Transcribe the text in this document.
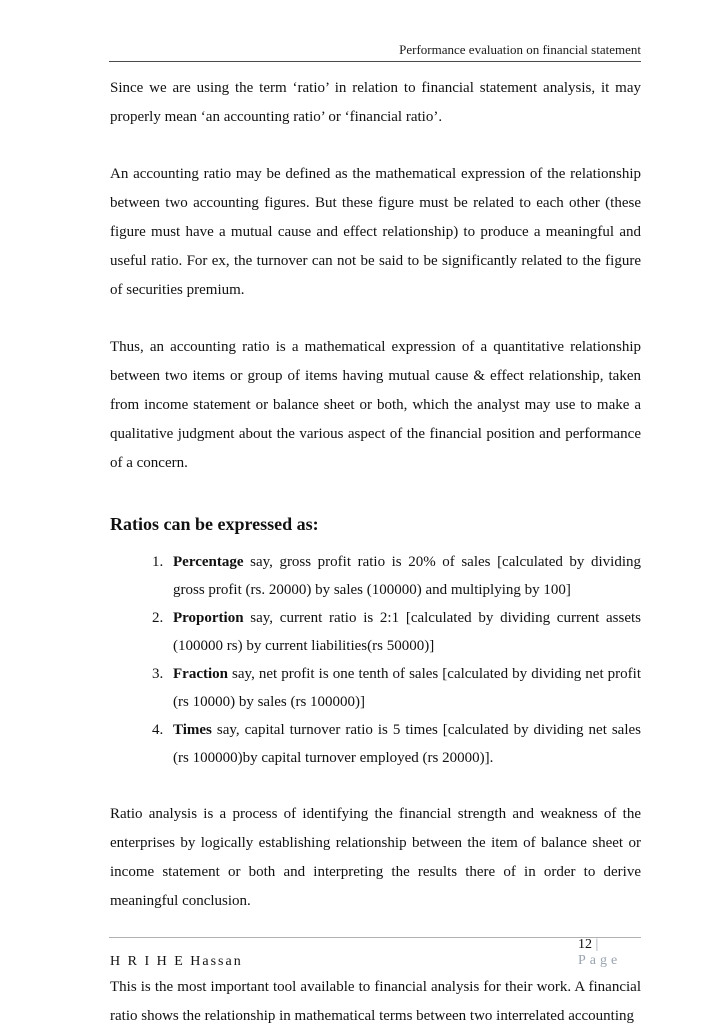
Performance evaluation on financial statement

Since we are using the term ‘ratio’ in relation to financial statement analysis, it may properly mean ‘an accounting ratio’ or ‘financial ratio’.

An accounting ratio may be defined as the mathematical expression of the relationship between two accounting figures. But these figure must be related to each other (these figure must have a mutual cause and effect relationship) to produce a meaningful and useful ratio. For ex, the turnover can not be said to be significantly related to the figure of securities premium.

Thus, an accounting ratio is a mathematical expression of a quantitative relationship between two items or group of items having mutual cause & effect relationship, taken from income statement or balance sheet or both, which the analyst may use to make a qualitative judgment about the various aspect of the financial position and performance of a concern.

Ratios can be expressed as:

1. Percentage say, gross profit ratio is 20% of sales [calculated by dividing gross profit (rs. 20000) by sales (100000) and multiplying by 100]
2. Proportion say, current ratio is 2:1 [calculated by dividing current assets (100000 rs) by current liabilities(rs 50000)]
3. Fraction say, net profit is one tenth of sales [calculated by dividing net profit (rs 10000) by sales (rs 100000)]
4. Times say, capital turnover ratio is 5 times [calculated by dividing net sales (rs 100000)by capital turnover employed (rs 20000)].

Ratio analysis is a process of identifying the financial strength and weakness of the enterprises by logically establishing relationship between the item of balance sheet or income statement or both and interpreting the results there of in order to derive meaningful conclusion.

This is the most important tool available to financial analysis for their work. A financial ratio shows the relationship in mathematical terms between two interrelated accounting

12 | Page
H R I H E Hassan
